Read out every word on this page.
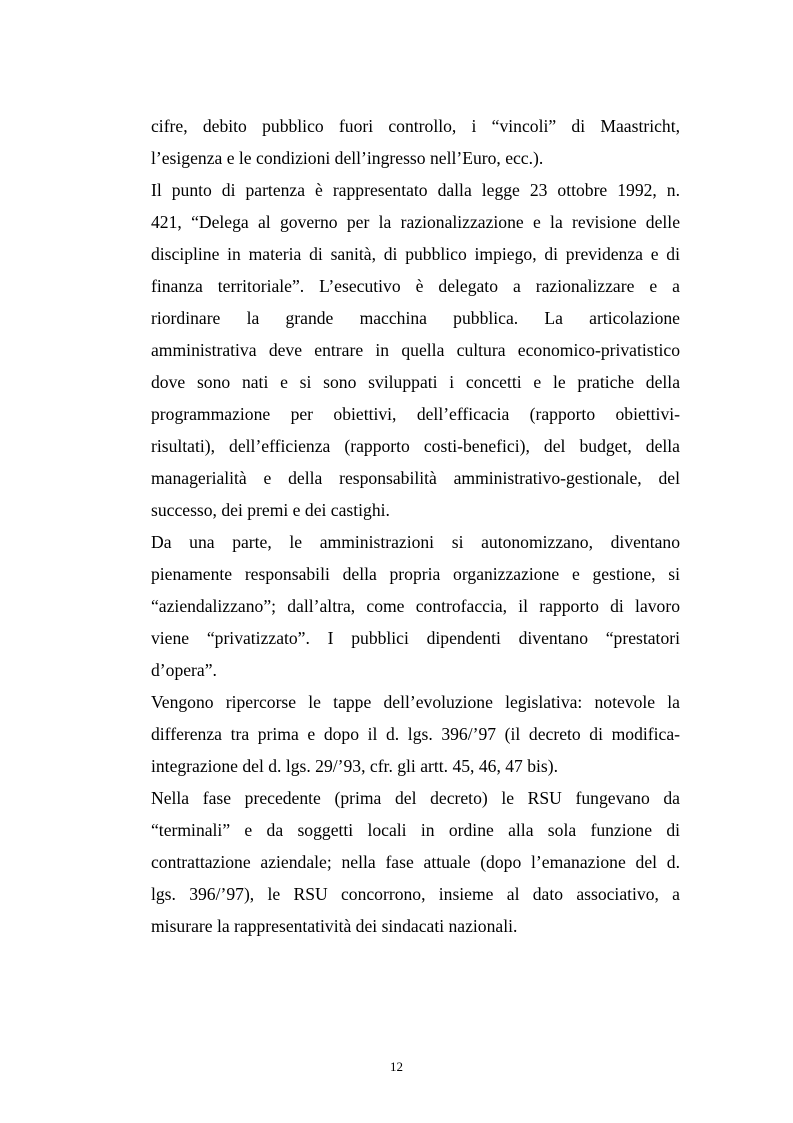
cifre, debito pubblico fuori controllo, i “vincoli” di Maastricht,
l’esigenza e le condizioni dell’ingresso nell’Euro, ecc.).

Il punto di partenza è rappresentato dalla legge 23 ottobre 1992, n.
421, “Delega al governo per la razionalizzazione e la revisione delle
discipline in materia di sanità, di pubblico impiego, di previdenza e di
finanza territoriale”. L’esecutivo è delegato a razionalizzare e a
riordinare la grande macchina pubblica. La articolazione
amministrativa deve entrare in quella cultura economico-privatistico
dove sono nati e si sono sviluppati i concetti e le pratiche della
programmazione per obiettivi, dell’efficacia (rapporto obiettivi-
risultati), dell’efficienza (rapporto costi-benefici), del budget, della
managerialità e della responsabilità amministrativo-gestionale, del
successo, dei premi e dei castighi.

Da una parte, le amministrazioni si autonomizzano, diventano
pienamente responsabili della propria organizzazione e gestione, si
“aziendalizzano”; dall’altra, come controfaccia, il rapporto di lavoro
viene “privatizzato”. I pubblici dipendenti diventano “prestatori
d’opera”.

Vengono ripercorse le tappe dell’evoluzione legislativa: notevole la
differenza tra prima e dopo il d. lgs. 396/’97 (il decreto di modifica-
integrazione del d. lgs. 29/’93, cfr. gli artt. 45, 46, 47 bis).

Nella fase precedente (prima del decreto) le RSU fungevano da
“terminali” e da soggetti locali in ordine alla sola funzione di
contrattazione aziendale; nella fase attuale (dopo l’emanazione del d.
lgs. 396/’97), le RSU concorrono, insieme al dato associativo, a
misurare la rappresentatività dei sindacati nazionali.

12
